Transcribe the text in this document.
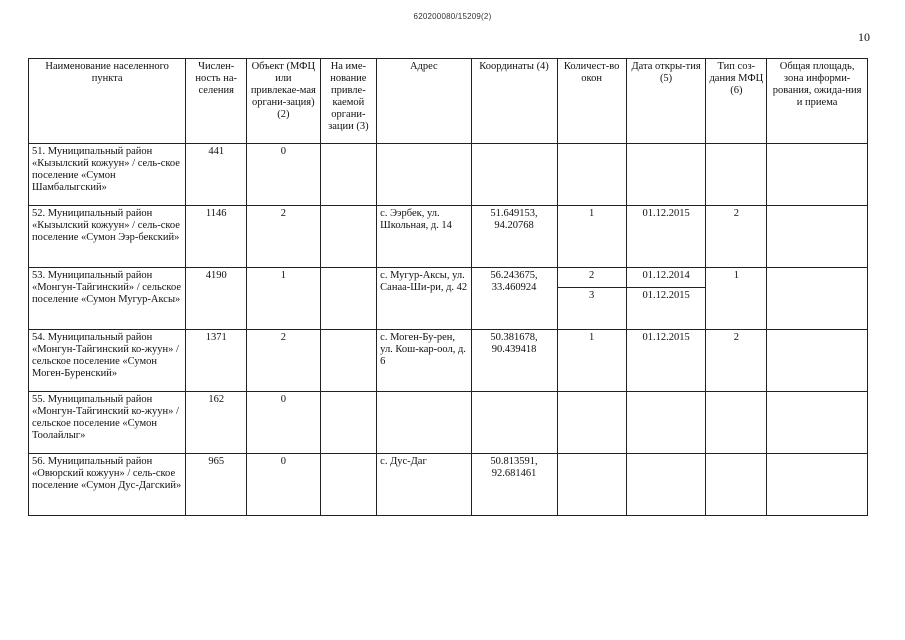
620200080/15209(2)
10
Наименование населенного пункта	Числен-ность на-селения	Объект (МФЦ или привлекае-мая органи-зация) (2)	На име-нование привле-каемой органи-зации (3)	Адрес	Координаты (4)	Количест-во окон	Дата откры-тия (5)	Тип соз-дания МФЦ (6)	Общая площадь, зона информи-рования, ожида-ния и приема
51. Муниципальный район «Кызылский кожуун» / сель-ское поселение «Сумон Шамбалыгский»	441	0							
52. Муниципальный район «Кызылский кожуун» / сель-ское поселение «Сумон Ээр-бекский»	1146	2		с. Ээрбек, ул. Школьная, д. 14	51.649153, 94.20768	1	01.12.2015	2	
53. Муниципальный район «Монгун-Тайгинский» / сельское поселение «Сумон Мугур-Аксы»	4190	1		с. Мугур-Аксы, ул. Санаа-Ши-ри, д. 42	56.243675, 33.460924	2	01.12.2014	1	
						3	01.12.2015		
54. Муниципальный район «Монгун-Тайгинский ко-жуун» / сельское поселение «Сумон Моген-Буренский»	1371	2		с. Моген-Бу-рен, ул. Кош-кар-оол, д. 6	50.381678, 90.439418	1	01.12.2015	2	
55. Муниципальный район «Монгун-Тайгинский ко-жуун» / сельское поселение «Сумон Тоолайлыг»	162	0							
56. Муниципальный район «Овюрский кожуун» / сель-ское поселение «Сумон Дус-Дагский»	965	0		с. Дус-Даг	50.813591, 92.681461				
